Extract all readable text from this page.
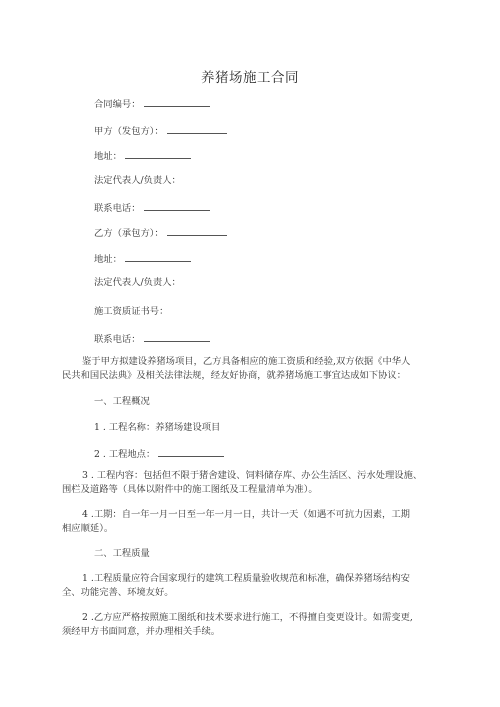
养猪场施工合同
合同编号：
甲方（发包方）：
地址：
法定代表人/负责人：
联系电话：
乙方（承包方）：
地址：
法定代表人/负责人：
施工资质证书号：
联系电话：
鉴于甲方拟建设养猪场项目，乙方具备相应的施工资质和经验,双方依据《中华人
民共和国民法典》及相关法律法规，经友好协商，就养猪场施工事宜达成如下协议：
一、工程概况
1 . 工程名称：养猪场建设项目
2 . 工程地点：
3 . 工程内容：包括但不限于猪舍建设、饲料储存库、办公生活区、污水处理设施、
围栏及道路等（具体以附件中的施工图纸及工程量清单为准）。
4 .工期：自一年一月一日至一年一月一日，共计一天（如遇不可抗力因素，工期
相应顺延）。
二、工程质量
1 .工程质量应符合国家现行的建筑工程质量验收规范和标准，确保养猪场结构安
全、功能完善、环境友好。
2 .乙方应严格按照施工图纸和技术要求进行施工，不得擅自变更设计。如需变更,
须经甲方书面同意，并办理相关手续。
